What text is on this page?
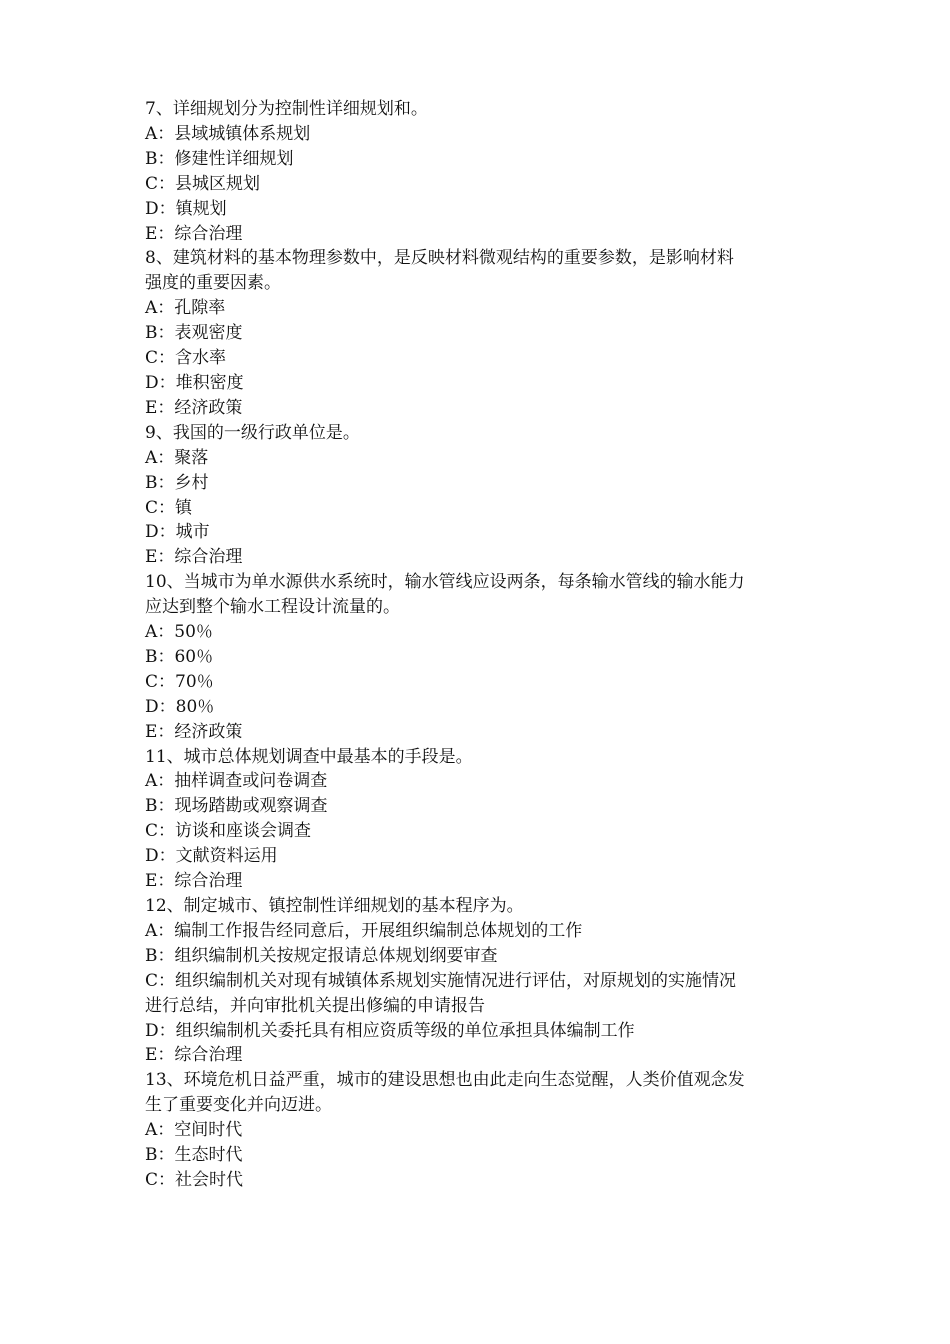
7、详细规划分为控制性详细规划和。
A：县域城镇体系规划
B：修建性详细规划
C：县城区规划
D：镇规划
E：综合治理
8、建筑材料的基本物理参数中，是反映材料微观结构的重要参数，是影响材料
强度的重要因素。
A：孔隙率
B：表观密度
C：含水率
D：堆积密度
E：经济政策
9、我国的一级行政单位是。
A：聚落
B：乡村
C：镇
D：城市
E：综合治理
10、当城市为单水源供水系统时，输水管线应设两条，每条输水管线的输水能力
应达到整个输水工程设计流量的。
A：50％
B：60％
C：70％
D：80％
E：经济政策
11、城市总体规划调查中最基本的手段是。
A：抽样调查或问卷调查
B：现场踏勘或观察调查
C：访谈和座谈会调查
D：文献资料运用
E：综合治理
12、制定城市、镇控制性详细规划的基本程序为。
A：编制工作报告经同意后，开展组织编制总体规划的工作
B：组织编制机关按规定报请总体规划纲要审查
C：组织编制机关对现有城镇体系规划实施情况进行评估，对原规划的实施情况
进行总结，并向审批机关提出修编的申请报告
D：组织编制机关委托具有相应资质等级的单位承担具体编制工作
E：综合治理
13、环境危机日益严重，城市的建设思想也由此走向生态觉醒，人类价值观念发
生了重要变化并向迈进。
A：空间时代
B：生态时代
C：社会时代
